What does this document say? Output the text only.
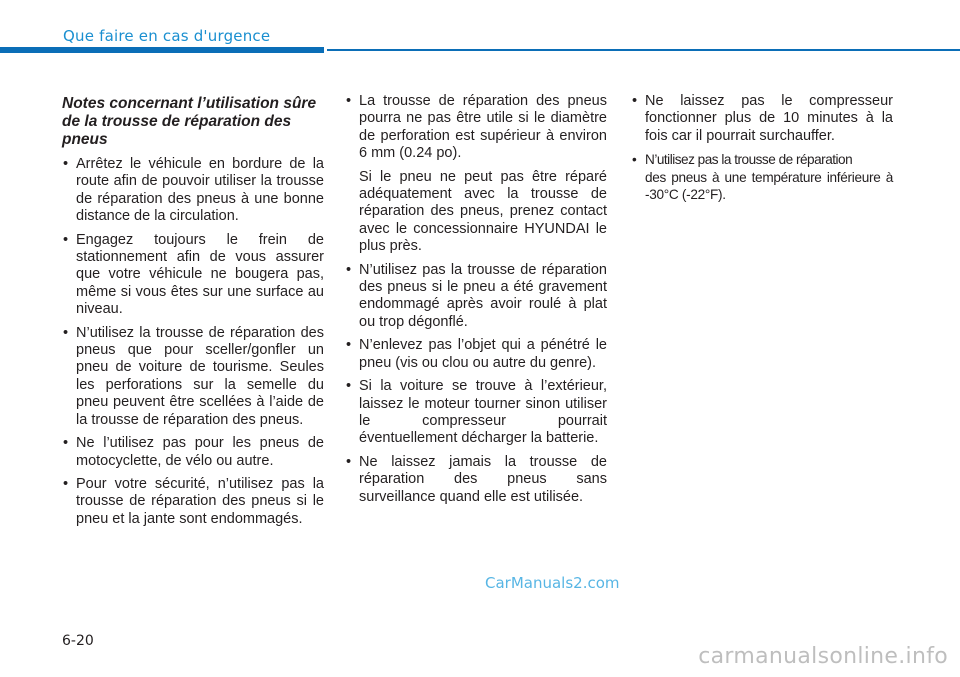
Que faire en cas d'urgence
Notes concernant l’utilisation sûre de la trousse de réparation des pneus
• Arrêtez le véhicule en bordure de la route afin de pouvoir utiliser la trousse de réparation des pneus à une bonne distance de la circulation.
• Engagez toujours le frein de stationnement afin de vous assurer que votre véhicule ne bougera pas, même si vous êtes sur une surface au niveau.
• N’utilisez la trousse de réparation des pneus que pour sceller/gonfler un pneu de voiture de tourisme. Seules les perforations sur la semelle du pneu peuvent être scellées à l’aide de la trousse de réparation des pneus.
• Ne l’utilisez pas pour les pneus de motocyclette, de vélo ou autre.
• Pour votre sécurité, n’utilisez pas la trousse de réparation des pneus si le pneu et la jante sont endommagés.
• La trousse de réparation des pneus pourra ne pas être utile si le diamètre de perforation est supérieur à environ 6 mm (0.24 po).

Si le pneu ne peut pas être réparé adéquatement avec la trousse de réparation des pneus, prenez contact avec le concessionnaire HYUNDAI le plus près.

• N’utilisez pas la trousse de réparation des pneus si le pneu a été gravement endommagé après avoir roulé à plat ou trop dégonflé.
• N’enlevez pas l’objet qui a pénétré le pneu (vis ou clou ou autre du genre).
• Si la voiture se trouve à l’extérieur, laissez le moteur tourner sinon utiliser le compresseur pourrait éventuellement décharger la batterie.
• Ne laissez jamais la trousse de réparation des pneus sans surveillance quand elle est utilisée.
• Ne laissez pas le compresseur fonctionner plus de 10 minutes à la fois car il pourrait surchauffer.
• N’utilisez pas la trousse de réparation

des pneus à une température inférieure à -30°C (-22°F).

CarManuals2.com
6-20
carmanualsonline.info
